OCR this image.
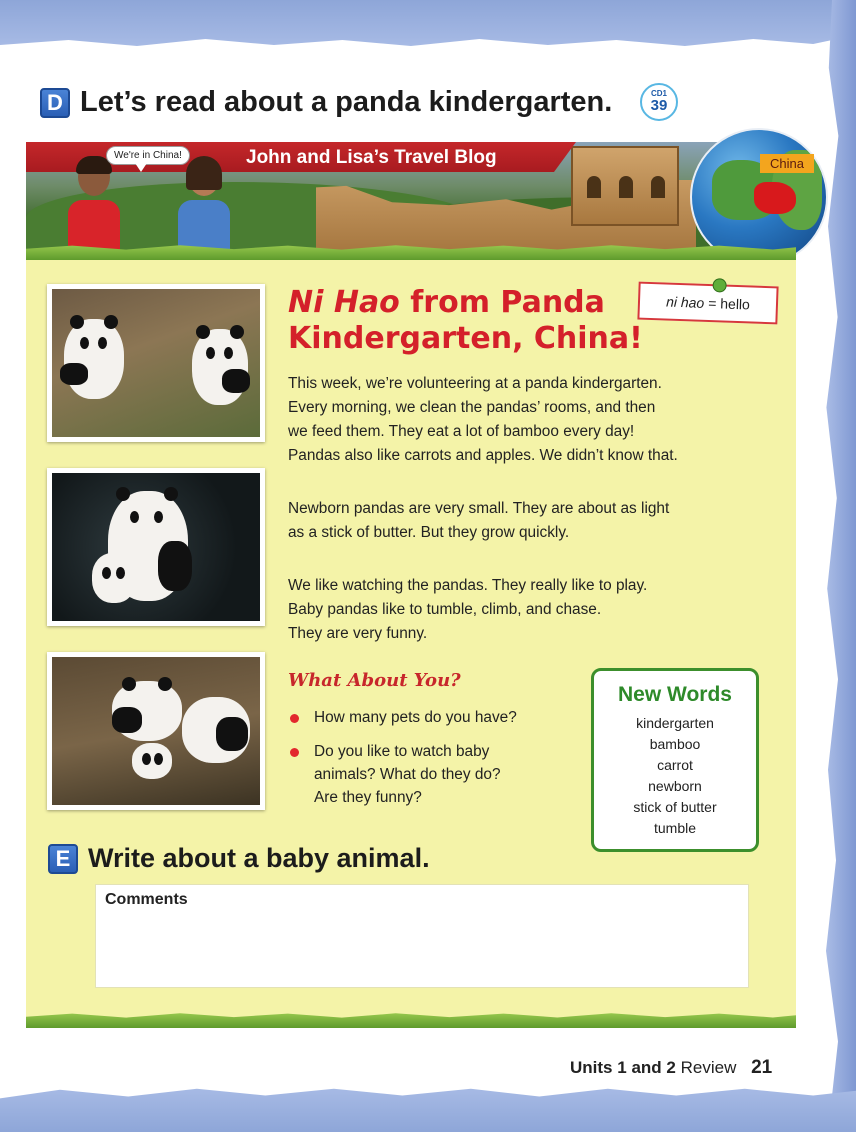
D Let’s read about a panda kindergarten.	CD1
39
John and Lisa’s Travel Blog
We're in China!
China
Ni Hao from Panda
Kindergarten, China!
ni hao = hello
This week, we’re volunteering at a panda kindergarten.
Every morning, we clean the pandas’ rooms, and then
we feed them. They eat a lot of bamboo every day!
Pandas also like carrots and apples. We didn’t know that.
Newborn pandas are very small. They are about as light
as a stick of butter. But they grow quickly.
We like watching the pandas. They really like to play.
Baby pandas like to tumble, climb, and chase.
They are very funny.
What About You?
How many pets do you have?
Do you like to watch baby
animals? What do they do?
Are they funny?
New Words
kindergarten
bamboo
carrot
newborn
stick of butter
tumble
E Write about a baby animal.
Comments
Units 1 and 2 Review 21
